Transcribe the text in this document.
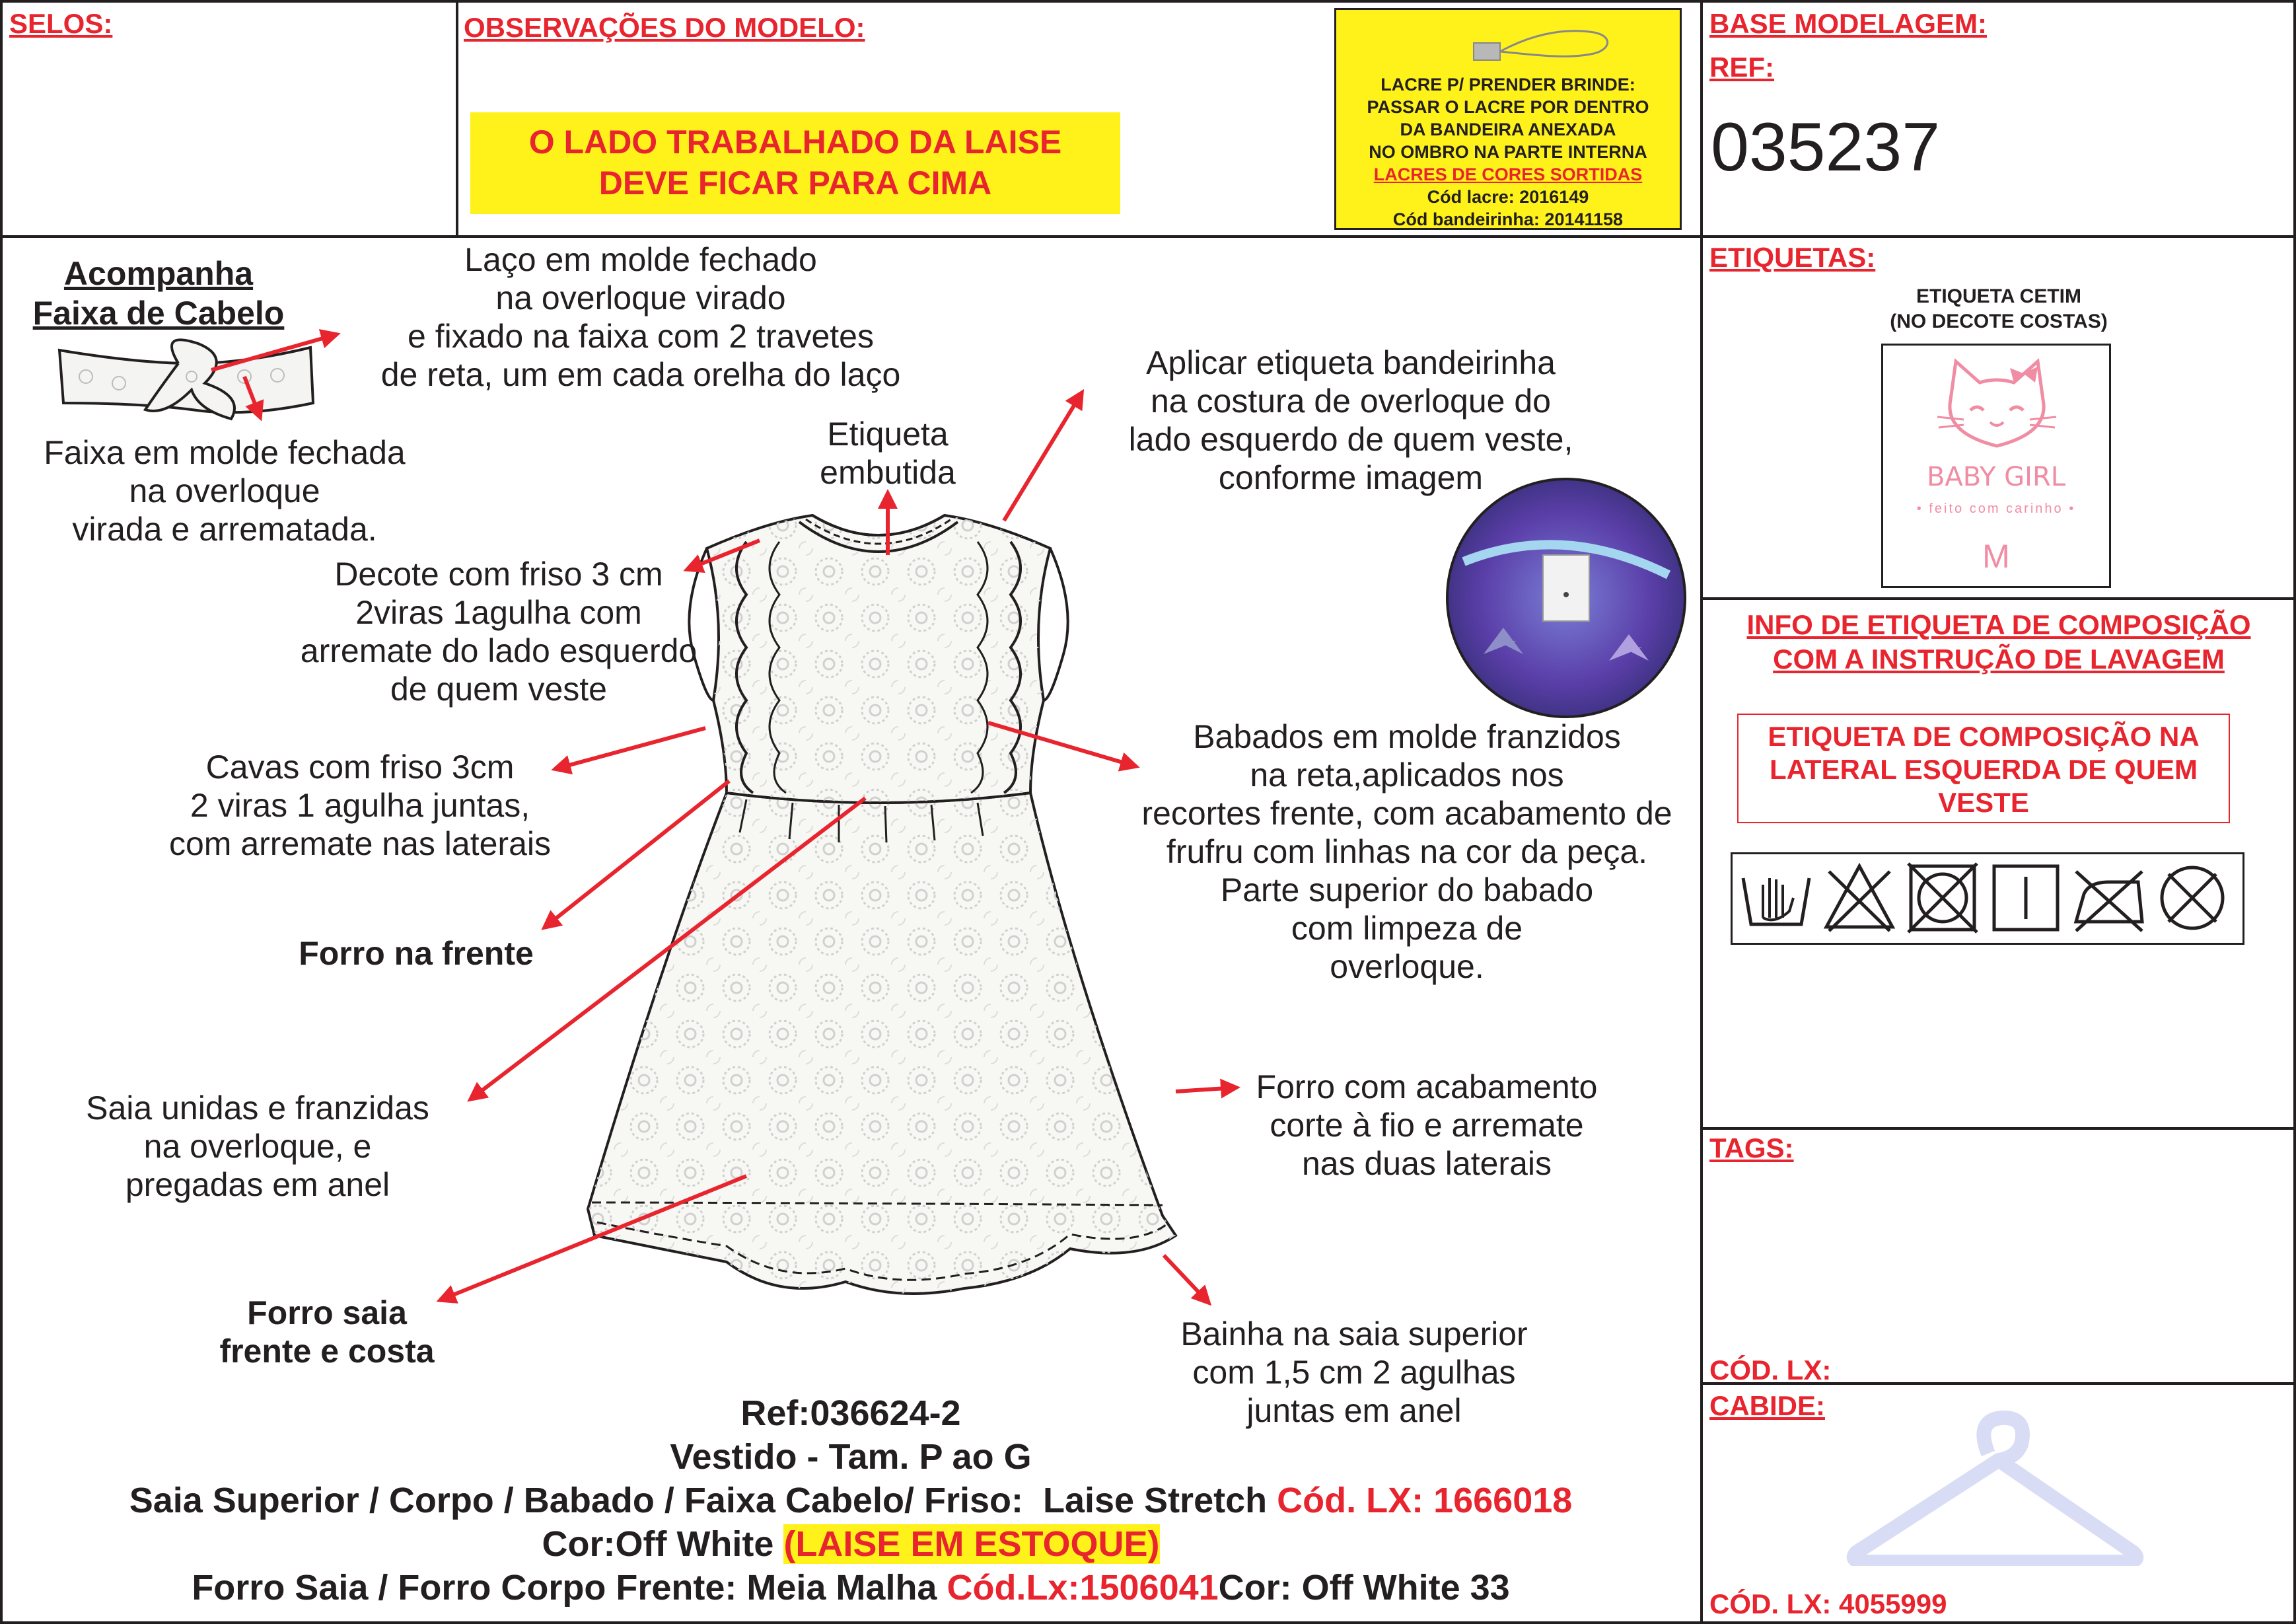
SELOS:	OBSERVAÇÕES DO MODELO:
O LADO TRABALHADO DA LAISE
DEVE FICAR PARA CIMA
LACRE P/ PRENDER BRINDE:
PASSAR O LACRE POR DENTRO
DA BANDEIRA ANEXADA
NO OMBRO NA PARTE INTERNA
LACRES DE CORES SORTIDAS
Cód lacre: 2016149
Cód bandeirinha: 20141158
BASE MODELAGEM:
REF:
035237
ETIQUETAS:
ETIQUETA CETIM
(NO DECOTE COSTAS)
BABY GIRL
• feito com carinho •
M
INFO DE ETIQUETA DE COMPOSIÇÃO
COM A INSTRUÇÃO DE LAVAGEM
ETIQUETA DE COMPOSIÇÃO NA
LATERAL ESQUERDA DE QUEM
VESTE
TAGS:
CÓD. LX:
CABIDE:
CÓD. LX: 4055999
Acompanha
Faixa de Cabelo
Laço em molde fechado
na overloque virado
e fixado na faixa com 2 travetes
de reta, um em cada orelha do laço
Faixa em molde fechada
na overloque
virada e arrematada.
Etiqueta
embutida
Aplicar etiqueta bandeirinha
na costura de overloque do
lado esquerdo de quem veste,
conforme imagem
Decote com friso 3 cm
2viras 1agulha com
arremate do lado esquerdo
de quem veste
Cavas com friso 3cm
2 viras 1 agulha juntas,
com arremate nas laterais
Forro na frente
Babados em molde franzidos
na reta,aplicados nos
recortes frente, com acabamento de
frufru com linhas na cor da peça.
Parte superior do babado
com limpeza de
overloque.
Saia unidas e franzidas
na overloque, e
pregadas em anel
Forro com acabamento
corte à fio e arremate
nas duas laterais
Forro saia
frente e costa	Bainha na saia superior
com 1,5 cm 2 agulhas
juntas em anel
Ref:036624-2
Vestido - Tam. P ao G
Saia Superior / Corpo / Babado / Faixa Cabelo/ Friso:  Laise Stretch Cód. LX: 1666018
Cor:Off White (LAISE EM ESTOQUE)
Forro Saia / Forro Corpo Frente: Meia Malha Cód.Lx:1506041Cor: Off White 33
